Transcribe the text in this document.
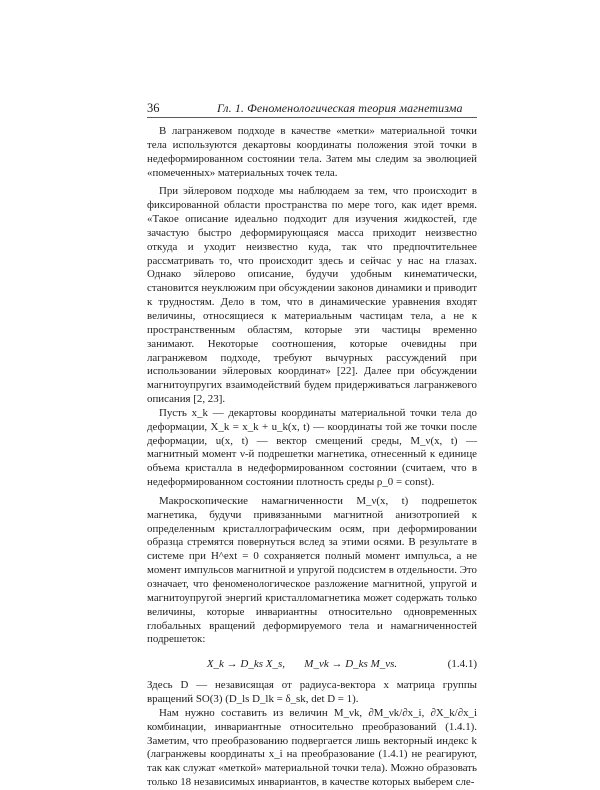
36	Гл. 1. Феноменологическая теория магнетизма

В лагранжевом подходе в качестве «метки» материальной точки тела используются декартовы координаты положения этой точки в недеформированном состоянии тела. Затем мы следим за эволюцией «помеченных» материальных точек тела.

При эйлеровом подходе мы наблюдаем за тем, что происходит в фиксированной области пространства по мере того, как идет время. «Такое описание идеально подходит для изучения жидкостей, где зачастую быстро деформирующаяся масса приходит неизвестно откуда и уходит неизвестно куда, так что предпочтительнее рассматривать то, что происходит здесь и сейчас у нас на глазах. Однако эйлерово описание, будучи удобным кинематически, становится неуклюжим при обсуждении законов динамики и приводит к трудностям. Дело в том, что в динамические уравнения входят величины, относящиеся к материальным частицам тела, а не к пространственным областям, которые эти частицы временно занимают. Некоторые соотношения, которые очевидны при лагранжевом подходе, требуют вычурных рассуждений при использовании эйлеровых координат» [22]. Далее при обсуждении магнитоупругих взаимодействий будем придерживаться лагранжевого описания [2, 23].

Пусть x_k — декартовы координаты материальной точки тела до деформации, X_k = x_k + u_k(x, t) — координаты той же точки после деформации, u(x, t) — вектор смещений среды, M_ν(x, t) — магнитный момент ν-й подрешетки магнетика, отнесенный к единице объема кристалла в недеформированном состоянии (считаем, что в недеформированном состоянии плотность среды ρ_0 = const).

Макроскопические намагниченности M_ν(x, t) подрешеток магнетика, будучи привязанными магнитной анизотропией к определенным кристаллографическим осям, при деформировании образца стремятся повернуться вслед за этими осями. В результате в системе при H^ext = 0 сохраняется полный момент импульса, а не момент импульсов магнитной и упругой подсистем в отдельности. Это означает, что феноменологическое разложение магнитной, упругой и магнитоупругой энергий кристалломагнетика может содержать только величины, которые инвариантны относительно одновременных глобальных вращений деформируемого тела и намагниченностей подрешеток:

X_k → D_ks X_s, M_νk → D_ks M_νs.	(1.4.1)

Здесь D — независящая от радиуса-вектора x матрица группы вращений SO(3) (D_ls D_lk = δ_sk, det D = 1).

Нам нужно составить из величин M_νk, ∂M_νk/∂x_i, ∂X_k/∂x_i комбинации, инвариантные относительно преобразований (1.4.1). Заметим, что преобразованию подвергается лишь векторный индекс k (лагранжевы координаты x_i на преобразование (1.4.1) не реагируют, так как служат «меткой» материальной точки тела). Можно образовать только 18 независимых инвариантов, в качестве которых выберем сле-
